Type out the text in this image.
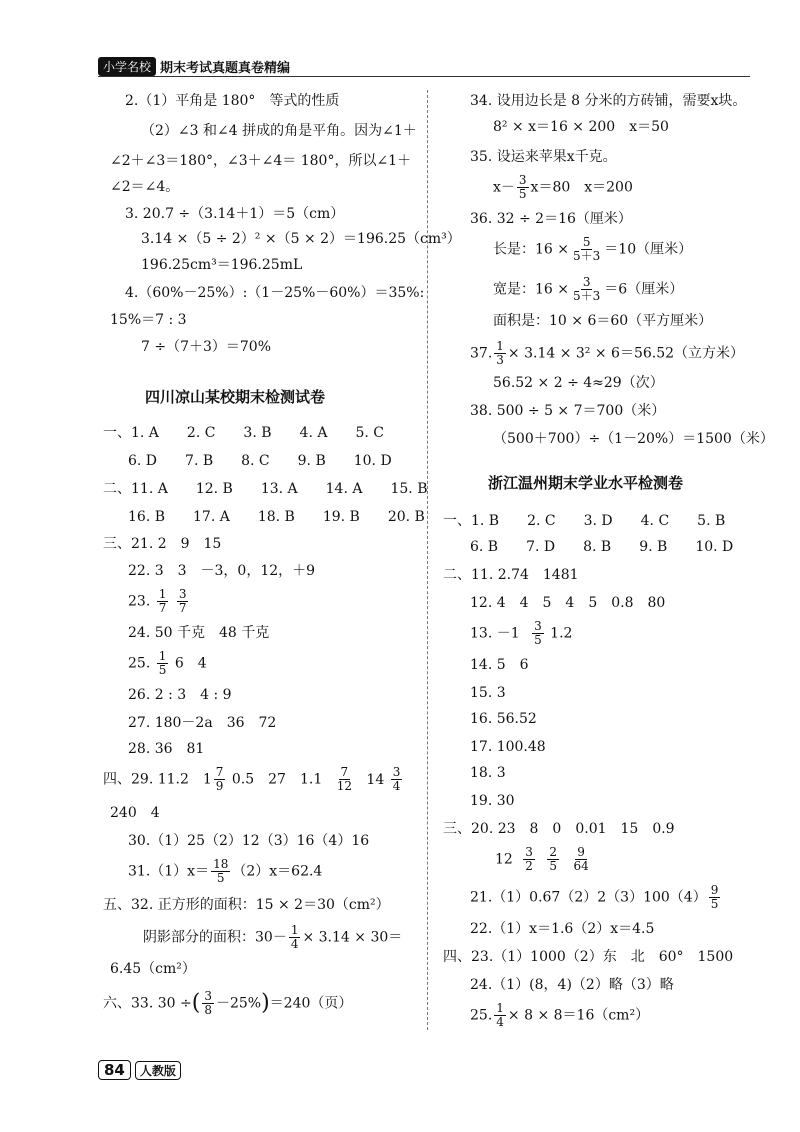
小学名校 期末考试真题真卷精编
2.（1）平角是 180°　等式的性质
（2）∠3 和∠4 拼成的角是平角。因为∠1＋
∠2＋∠3＝180°，∠3＋∠4＝ 180°，所以∠1＋
∠2＝∠4。
3. 20.7 ÷（3.14＋1）＝5（cm）
3.14 ×（5 ÷ 2）² ×（5 × 2）＝196.25（cm³）
196.25cm³＝196.25mL
4.（60%－25%）:（1－25%－60%）＝35%:
15%＝7 : 3
7 ÷（7＋3）＝70%
四川凉山某校期末检测试卷
一、1. A　　2. C　　3. B　　4. A　　5. C
6. D　　7. B　　8. C　　9. B　　10. D
二、11. A　　12. B　　13. A　　14. A　　15. B
16. B　　17. A　　18. B　　19. B　　20. B
三、21. 2　9　15
22. 3　3　－3，0，12，＋9
23. $\frac{1}{7}$
$\frac{3}{7}$
24. 50 千克　48 千克
25. $\frac{1}{5} 6$　4
26. 2 : 3　4 : 9
27. 180－2a　36　72
28. 36　81
四、29. 11.2　$1 \frac{7}{9} 0.5$　27　$1.1 \frac{7}{12} 14 \frac{3}{4}$
240　4
30.（1）25（2）12（3）16（4）16
$31.(1)x= \frac{18}{5} (2)x=62.4$
五、32. 正方形的面积：15 × 2＝30（cm²）
阴影部分的面积：$30- \frac{1}{4} \times 3.14 \times 30=$
6.45（cm²）
六、33. 30 ÷( $\frac{3}{8} -25\%)=240$（页）
34. 设用边长是 8 分米的方砖铺，需要x块。
8² × x＝16 × 200　x＝50
35. 设运来苹果x千克。
$x- \frac{3}{5} x=80$　x＝200
36. 32 ÷ 2＝16（厘米）
长是：$16 \times \frac{5}{5+3} =10$（厘米）
宽是：$16 \times \frac{3}{5+3} =6$（厘米）
面积是：10 × 6＝60（平方厘米）
37. $\frac{1}{3} \times 3.14 \times 3^2 \times 6=56.52$（立方米）
56.52 × 2 ÷ 4≈29（次）
38. 500 ÷ 5 × 7＝700（米）
（500＋700）÷（1－20%）＝1500（米）
浙江温州期末学业水平检测卷
一、1. B　　2. C　　3. D　　4. C　　5. B
6. B　　7. D　　8. B　　9. B　　10. D
二、11. 2.74　1481
12. 4　4　5　4　5　0.8　80
13. $-1 \frac{3}{5} 1.2$
14. 5　6
15. 3
16. 56.52
17. 100.48
18. 3
19. 30
三、20. 23　8　0　0.01　15　0.9
$12 \frac{3}{2}$
$\frac{2}{5}$
$\frac{9}{64}$
$21.(1)0.67(2)2(3)100(4) \frac{9}{5}$
22.（1）x＝1.6（2）x＝4.5
四、23.（1）1000（2）东　北　60°　1500
24.（1）(8，4)（2）略（3）略
25. $\frac{1}{4} \times 8 \times 8=16(cm^2)$
84	人教版
